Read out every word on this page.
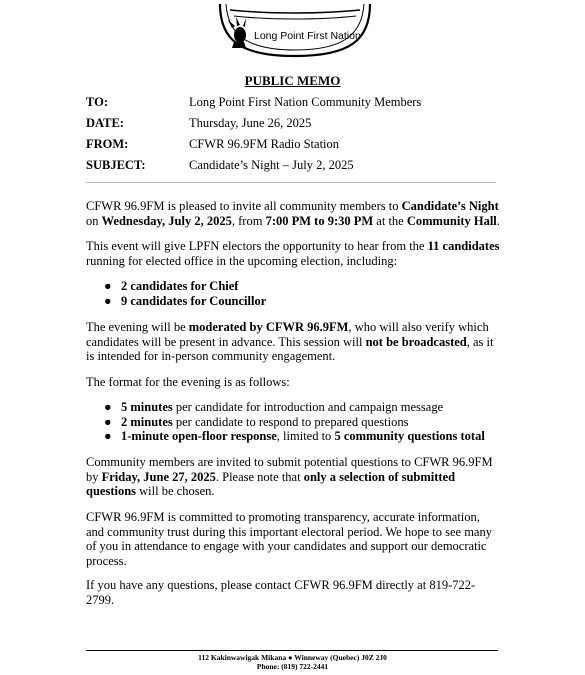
Long Point First Nation
PUBLIC MEMO
TO:	Long Point First Nation Community Members
DATE:	Thursday, June 26, 2025
FROM:	CFWR 96.9FM Radio Station
SUBJECT:	Candidate’s Night – July 2, 2025

CFWR 96.9FM is pleased to invite all community members to Candidate’s Night on Wednesday, July 2, 2025, from 7:00 PM to 9:30 PM at the Community Hall.

This event will give LPFN electors the opportunity to hear from the 11 candidates running for elected office in the upcoming election, including:

● 2 candidates for Chief
● 9 candidates for Councillor

The evening will be moderated by CFWR 96.9FM, who will also verify which candidates will be present in advance. This session will not be broadcasted, as it is intended for in-person community engagement.

The format for the evening is as follows:

● 5 minutes per candidate for introduction and campaign message
● 2 minutes per candidate to respond to prepared questions
● 1-minute open-floor response, limited to 5 community questions total

Community members are invited to submit potential questions to CFWR 96.9FM by Friday, June 27, 2025. Please note that only a selection of submitted questions will be chosen.

CFWR 96.9FM is committed to promoting transparency, accurate information, and community trust during this important electoral period. We hope to see many of you in attendance to engage with your candidates and support our democratic process.

If you have any questions, please contact CFWR 96.9FM directly at 819-722-2799.

112 Kakinwawigak Mikana ● Winneway (Quebec) J0Z 2J0
Phone: (819) 722-2441
